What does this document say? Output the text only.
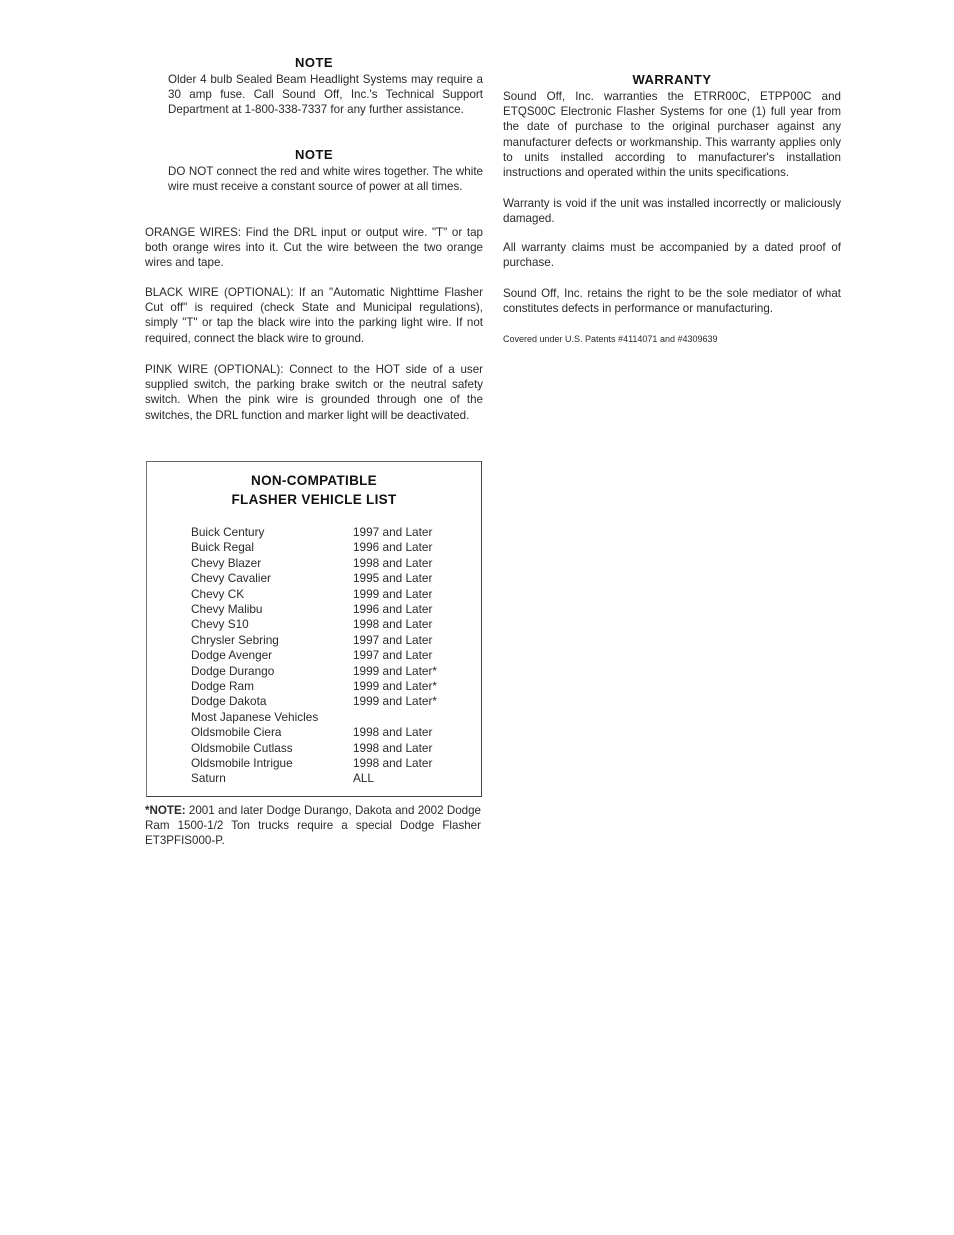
NOTE

Older 4 bulb Sealed Beam Headlight Systems may require a 30 amp fuse. Call Sound Off, Inc.'s Technical Support Department at 1-800-338-7337 for any further assistance.

NOTE

DO NOT connect the red and white wires together. The white wire must receive a constant source of power at all times.

ORANGE WIRES: Find the DRL input or output wire. "T" or tap both orange wires into it. Cut the wire between the two orange wires and tape.

BLACK WIRE (OPTIONAL): If an "Automatic Nighttime Flasher Cut off" is required (check State and Municipal regulations), simply "T" or tap the black wire into the parking light wire. If not required, connect the black wire to ground.

PINK WIRE (OPTIONAL): Connect to the HOT side of a user supplied switch, the parking brake switch or the neutral safety switch. When the pink wire is grounded through one of the switches, the DRL function and marker light will be deactivated.

NON-COMPATIBLE
FLASHER VEHICLE LIST
Buick Century	1997 and Later
Buick Regal	1996 and Later
Chevy Blazer	1998 and Later
Chevy Cavalier	1995 and Later
Chevy CK	1999 and Later
Chevy Malibu	1996 and Later
Chevy S10	1998 and Later
Chrysler Sebring	1997 and Later
Dodge Avenger	1997 and Later
Dodge Durango	1999 and Later*
Dodge Ram	1999 and Later*
Dodge Dakota	1999 and Later*
Most Japanese Vehicles
Oldsmobile Ciera	1998 and Later
Oldsmobile Cutlass	1998 and Later
Oldsmobile Intrigue	1998 and Later
Saturn	ALL

*NOTE: 2001 and later Dodge Durango, Dakota and 2002 Dodge Ram 1500-1/2 Ton trucks require a special Dodge Flasher ET3PFIS000-P.

WARRANTY

Sound Off, Inc. warranties the ETRR00C, ETPP00C and ETQS00C Electronic Flasher Systems for one (1) full year from the date of purchase to the original purchaser against any manufacturer defects or workmanship. This warranty applies only to units installed according to manufacturer's installation instructions and operated within the units specifications.

Warranty is void if the unit was installed incorrectly or maliciously damaged.

All warranty claims must be accompanied by a dated proof of purchase.

Sound Off, Inc. retains the right to be the sole mediator of what constitutes defects in performance or manufacturing.

Covered under U.S. Patents #4114071 and #4309639
